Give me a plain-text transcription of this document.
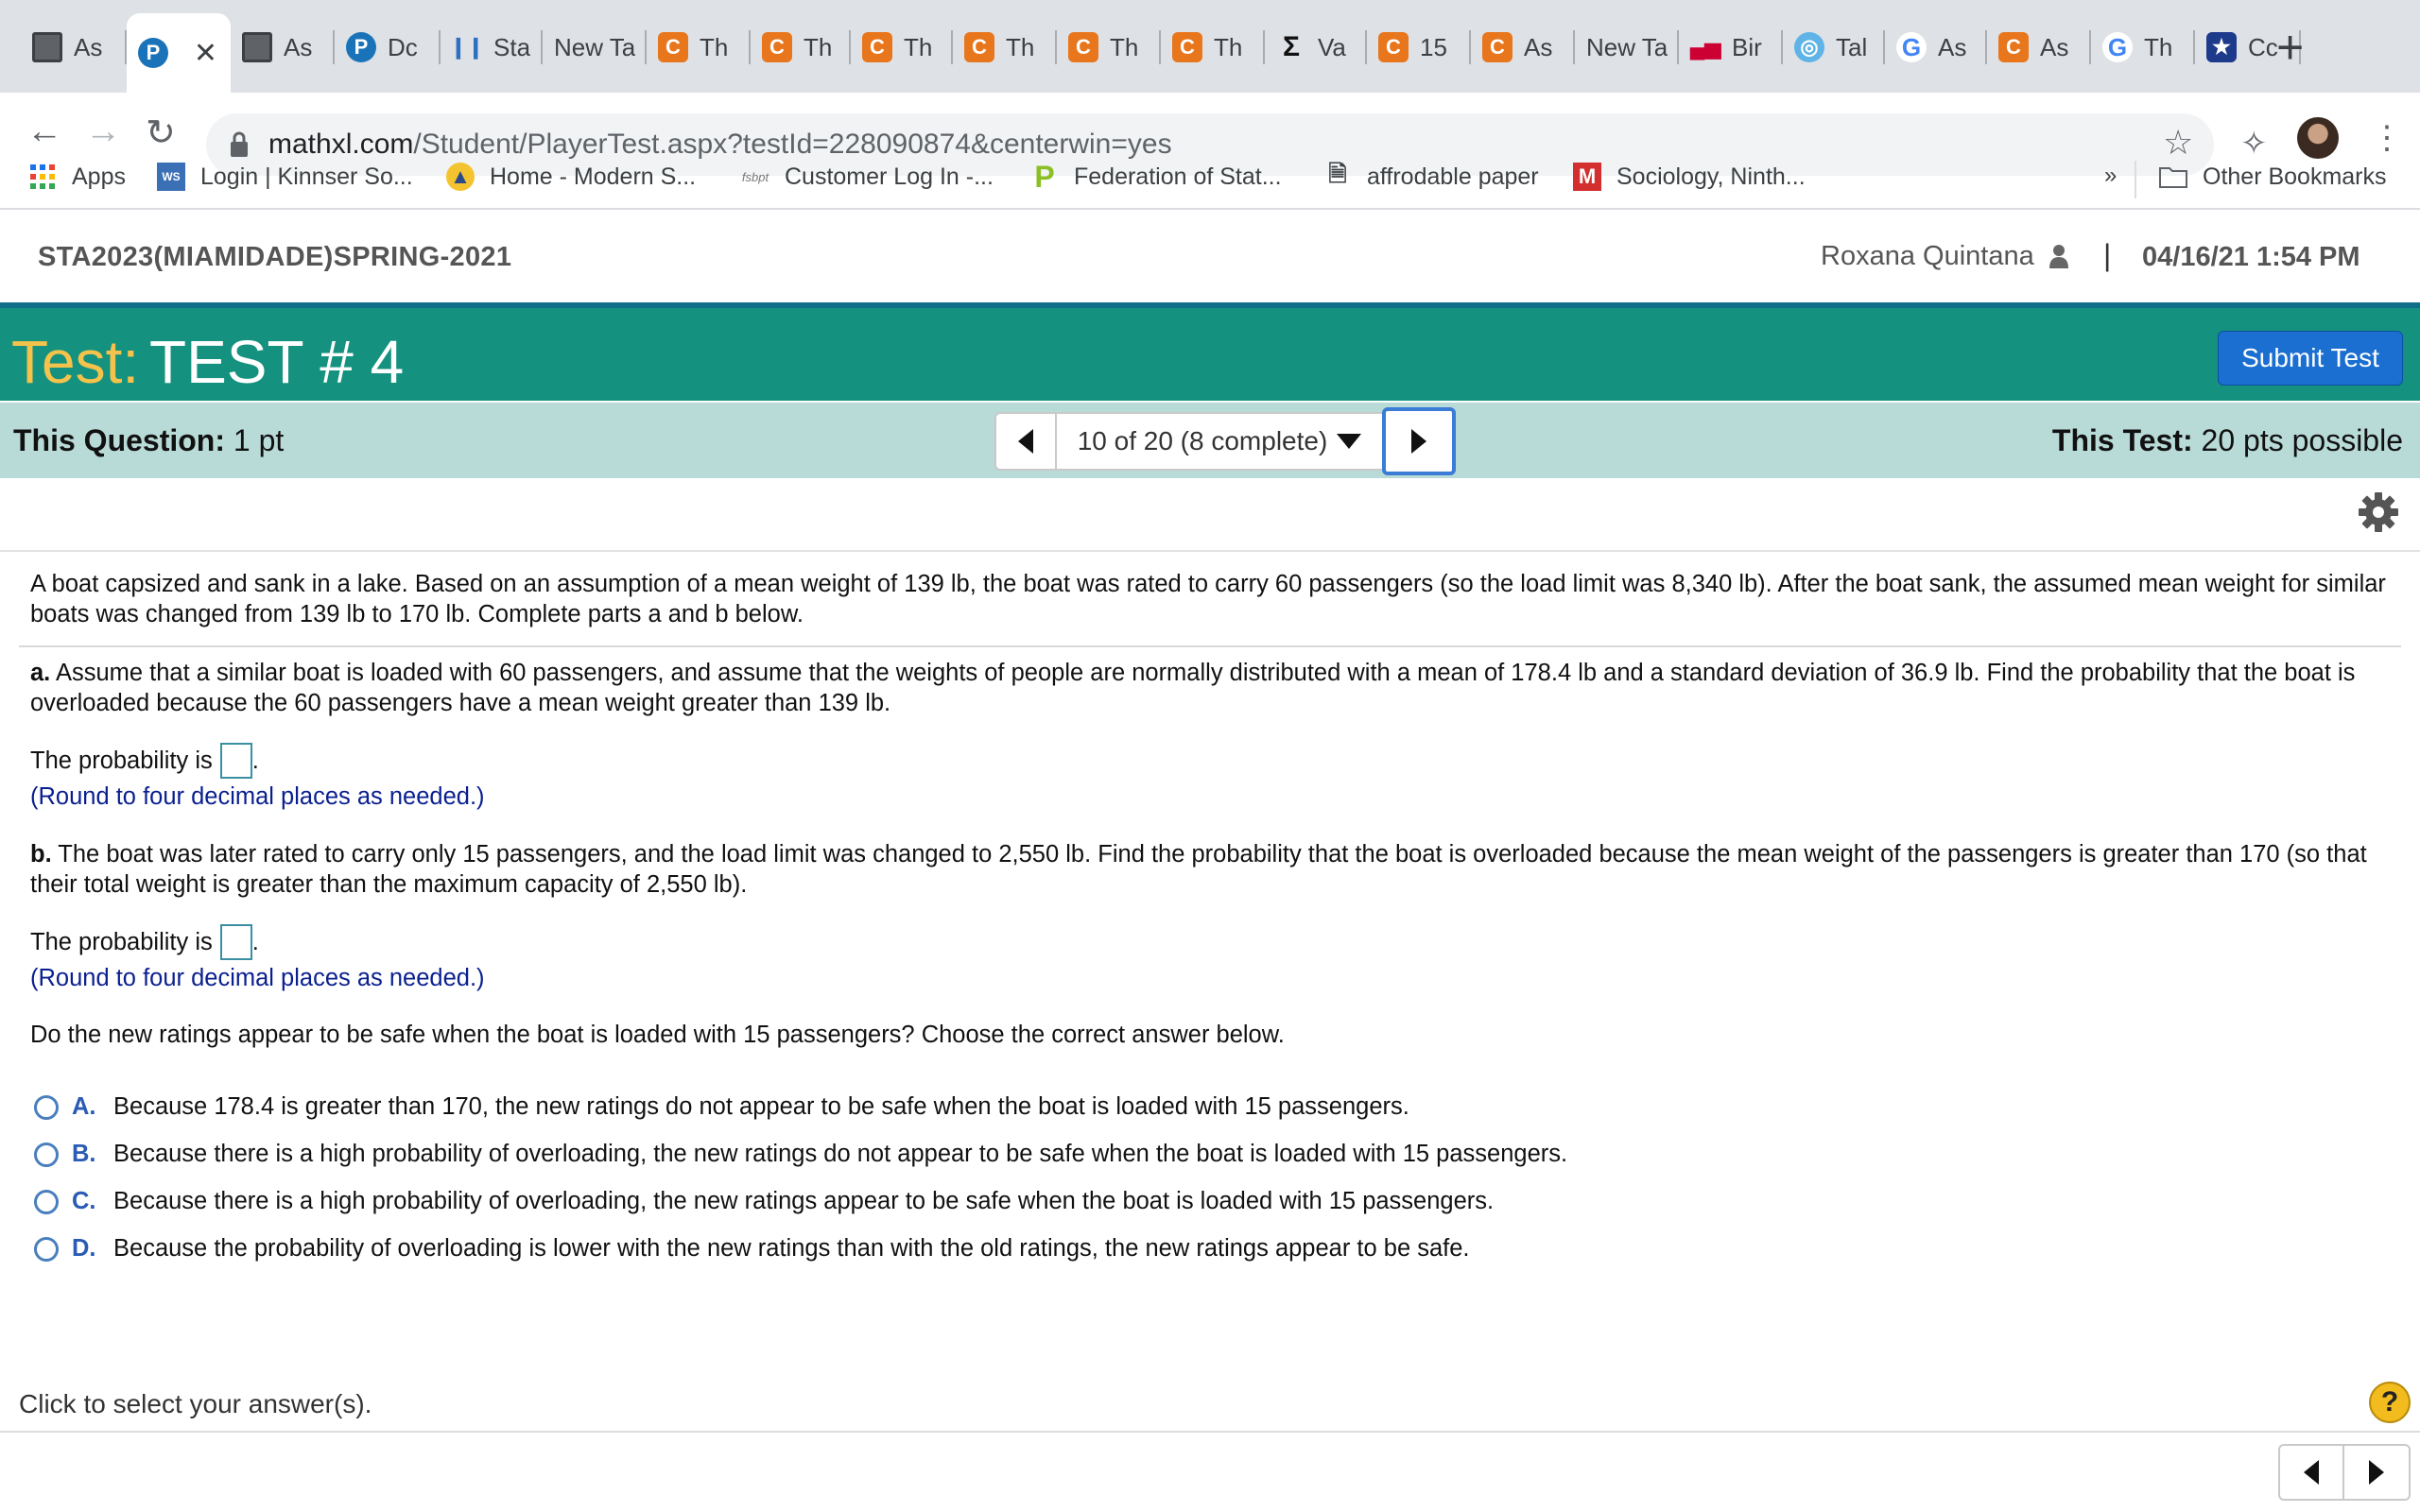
As	P ✕	As	P Dc ❙❙ Sta New Ta	C Th	C Th	C Th	C Th	C Th	C Th Σ Va	C 15	C As New Ta ▄▅ Bir ◎ Tal G As	C As G Th ★ Cc
+
← → ↻	mathxl.com/Student/PlayerTest.aspx?testId=228090874&centerwin=yes	☆ ✧	⋮
Apps	WS Login | Kinnser So... ▲ Home - Modern S...	fsbpt Customer Log In -... P Federation of Stat... 🗎 affrodable paper M Sociology, Ninth...	»	Other Bookmarks
STA2023(MIAMIDADE)SPRING-2021	Roxana Quintana | 04/16/21 1:54 PM
Test: TEST # 4	Submit Test
This Question: 1 pt	10 of 20 (8 complete)	This Test: 20 pts possible
A boat capsized and sank in a lake. Based on an assumption of a mean weight of 139 lb, the boat was rated to carry 60 passengers (so the load limit was 8,340 lb). After the boat sank, the assumed mean weight for similar boats was changed from 139 lb to 170 lb. Complete parts a and b below.
a. Assume that a similar boat is loaded with 60 passengers, and assume that the weights of people are normally distributed with a mean of 178.4 lb and a standard deviation of 36.9 lb. Find the probability that the boat is overloaded because the 60 passengers have a mean weight greater than 139 lb.
The probability is .
(Round to four decimal places as needed.)
b. The boat was later rated to carry only 15 passengers, and the load limit was changed to 2,550 lb. Find the probability that the boat is overloaded because the mean weight of the passengers is greater than 170 (so that their total weight is greater than the maximum capacity of 2,550 lb).
The probability is .
(Round to four decimal places as needed.)
Do the new ratings appear to be safe when the boat is loaded with 15 passengers? Choose the correct answer below.
A. Because 178.4 is greater than 170, the new ratings do not appear to be safe when the boat is loaded with 15 passengers.
B. Because there is a high probability of overloading, the new ratings do not appear to be safe when the boat is loaded with 15 passengers.
C. Because there is a high probability of overloading, the new ratings appear to be safe when the boat is loaded with 15 passengers.
D. Because the probability of overloading is lower with the new ratings than with the old ratings, the new ratings appear to be safe.
Click to select your answer(s).	?
